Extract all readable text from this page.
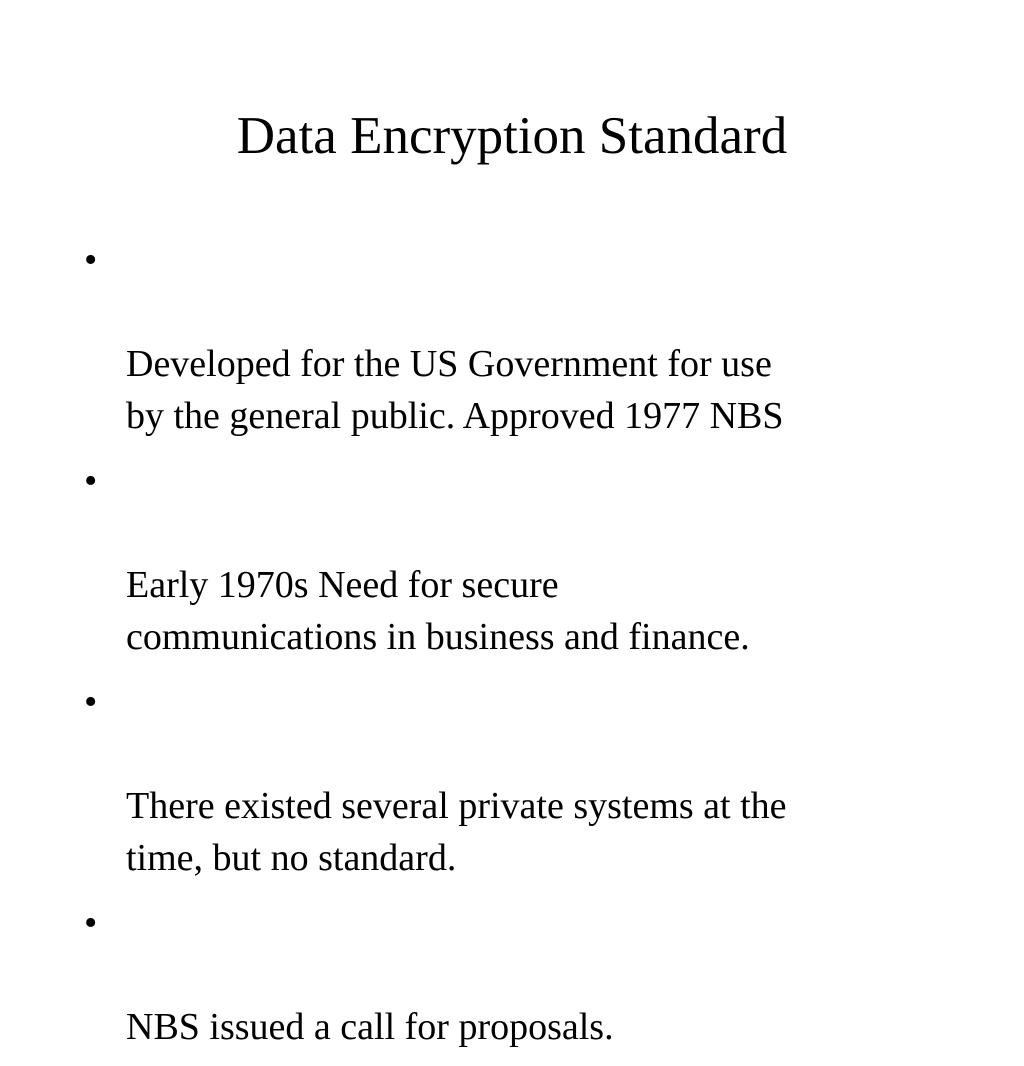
Data Encryption Standard

•

Developed for the US Government for use
by the general public. Approved 1977 NBS

•

Early 1970s Need for secure
communications in business and finance.

•

There existed several private systems at the
time, but no standard.

•

NBS issued a call for proposals.
